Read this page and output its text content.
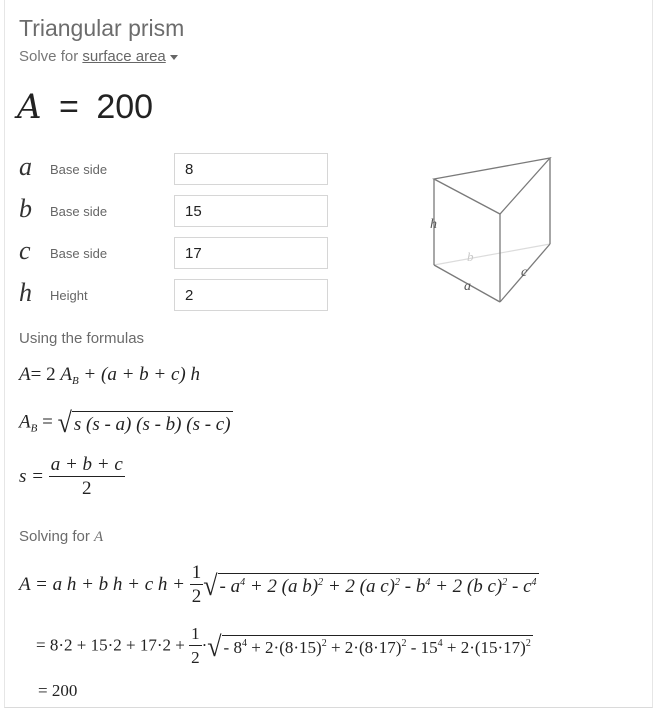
Triangular prism
Solve for surface area
A = 200
a Base side
8
b Base side
15
c Base side
17
h Height
2
h
a
b
c
Using the formulas
A= 2 $A_B + (a + b + c)$ h
$A_B$ = √ s (s - a) (s - b) (s - c)
$s = \frac{a + b + c}{2}$
Solving for A
A = a h + b h + c $h + \frac{1}{2}$ √- $a^4 + 2$ (a b)$^2$ + 2 (a $c)^2 - b^4 + 2$ (b $c)^2 - c^4$
= $8\cdot 2 + 15\cdot 2 + 17\cdot 2 + \frac{1}{2}$ ·√- $8^4 + 2\cdot(8\cdot 15)^2 + 2\cdot(8\cdot 17)^2 - 15^4 + 2\cdot(15\cdot 17)^2$
= 200
